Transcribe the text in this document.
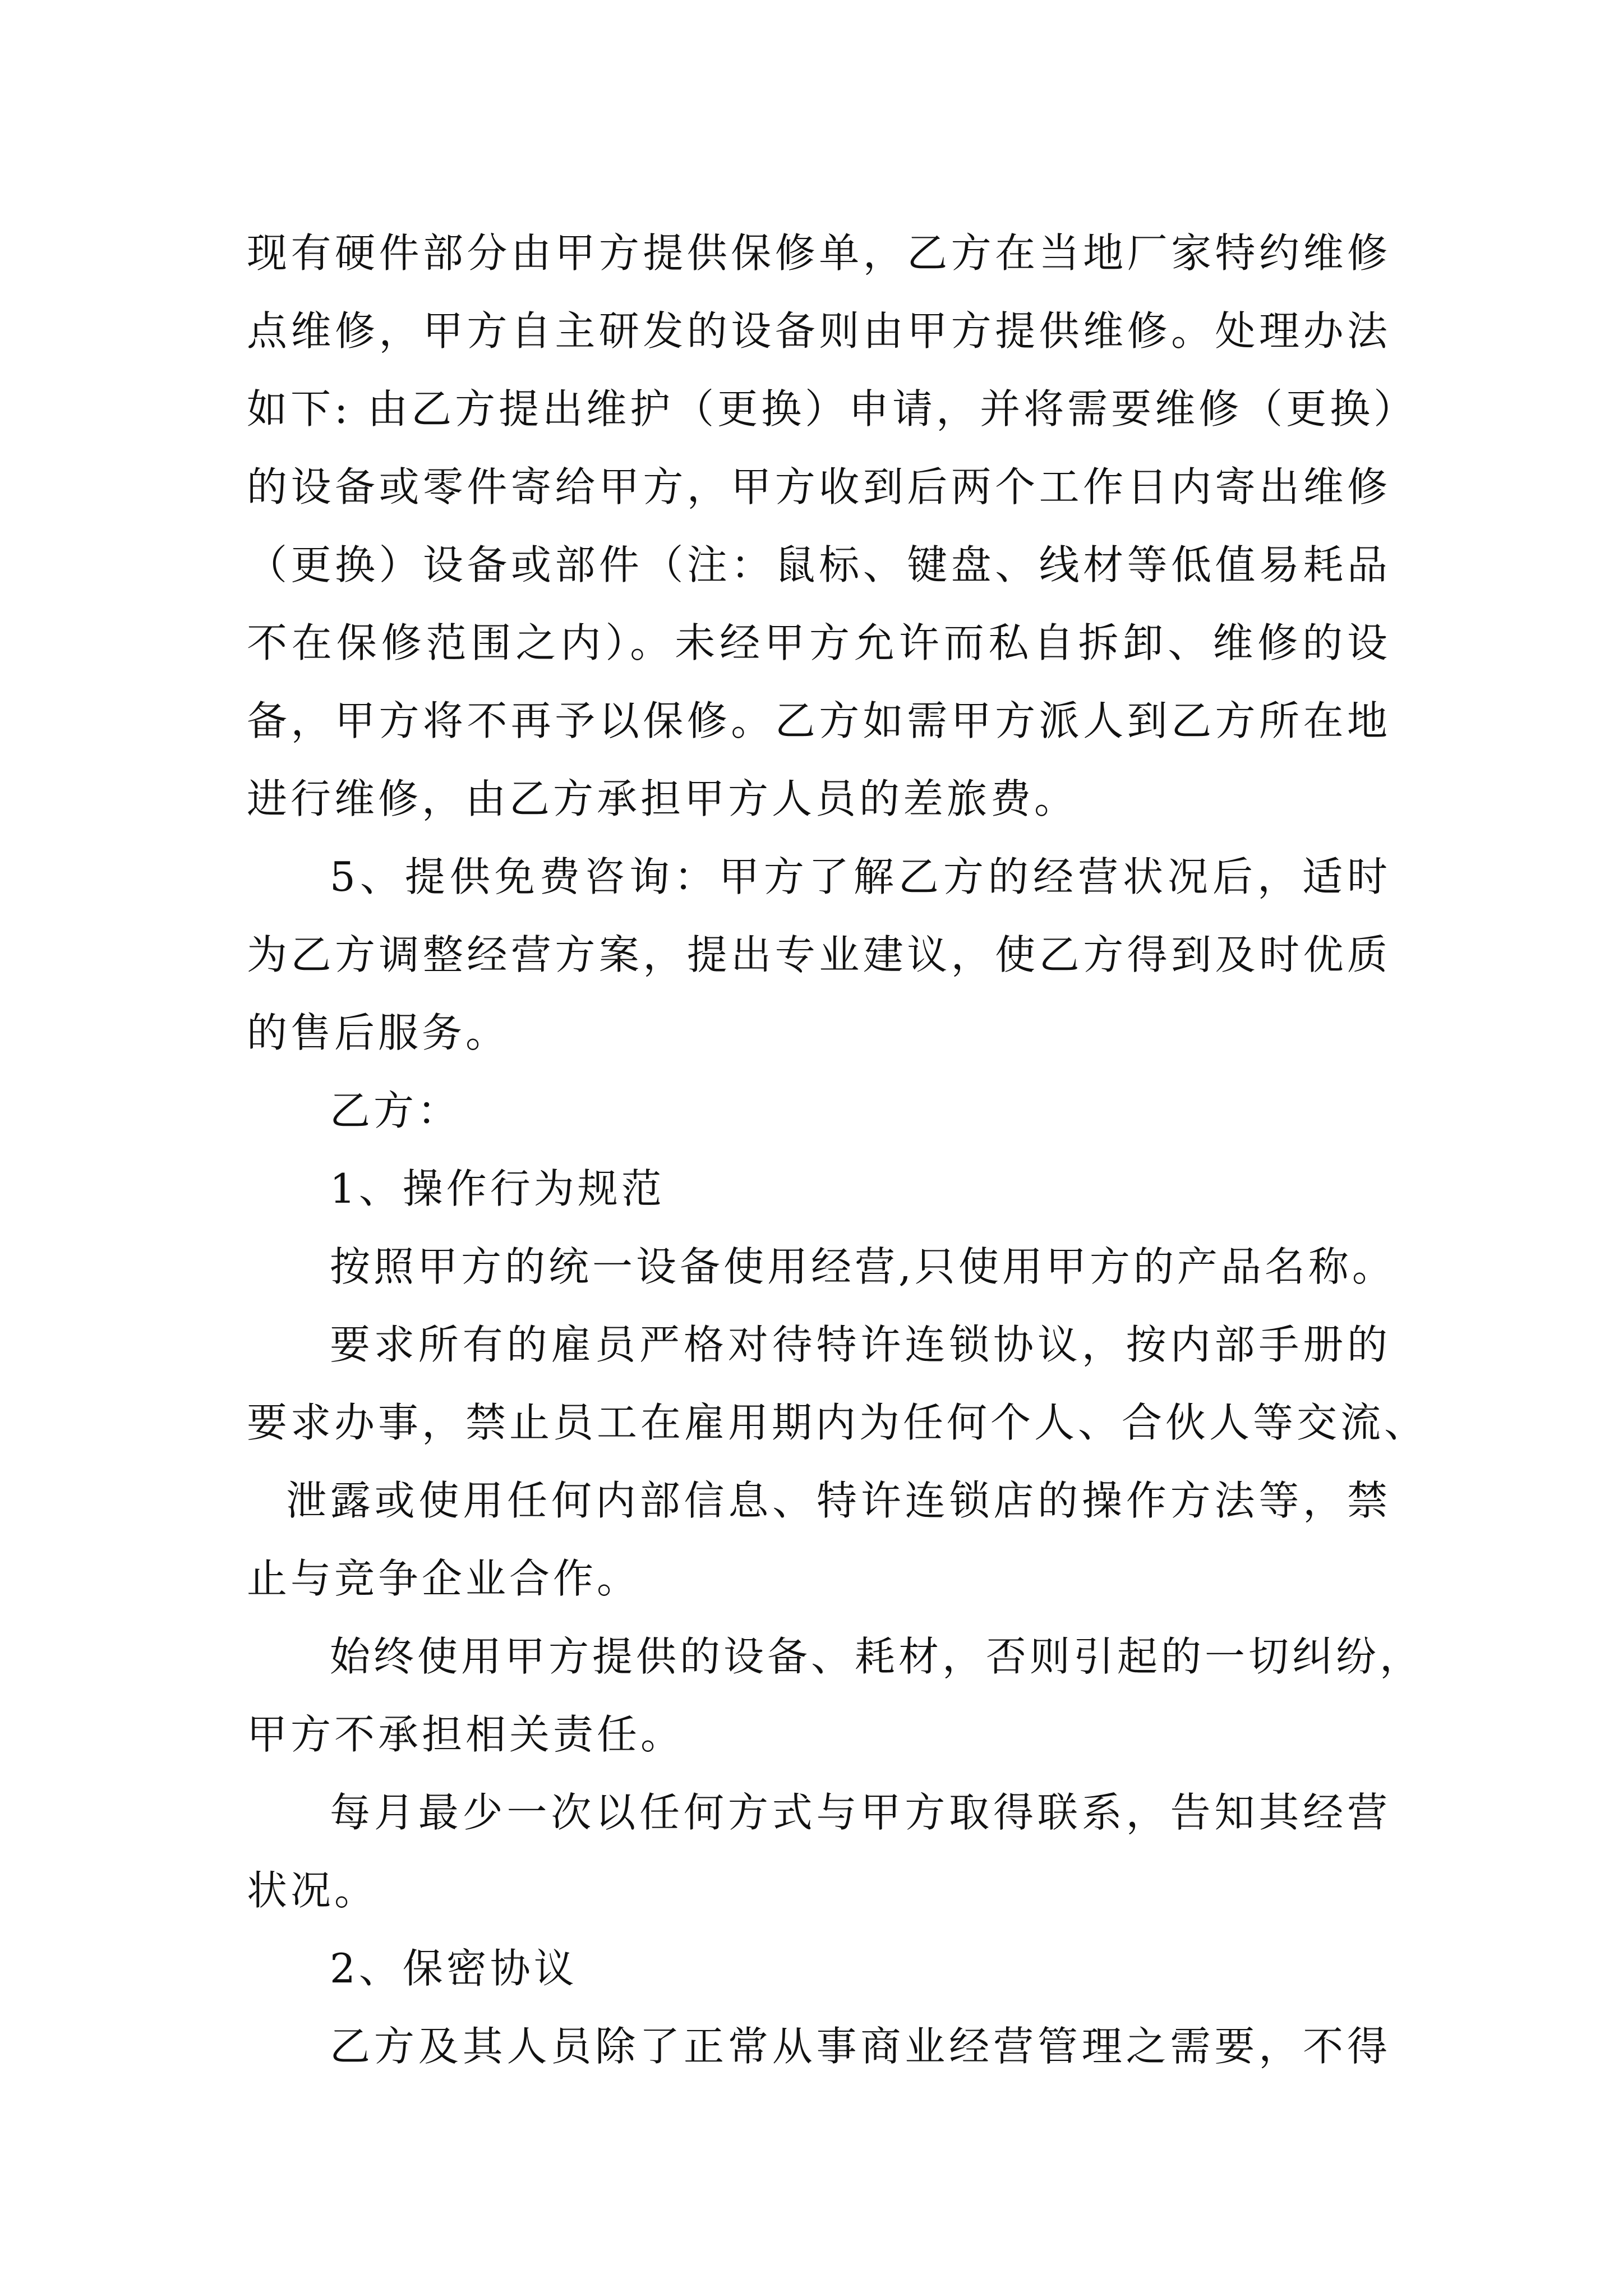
现有硬件部分由甲方提供保修单，乙方在当地厂家特约维修
点维修，甲方自主研发的设备则由甲方提供维修。处理办法
如下: 由乙方提出维护（更换）申请，并将需要维修（更换）
的设备或零件寄给甲方，甲方收到后两个工作日内寄出维修
（更换）设备或部件（注：鼠标、键盘、线材等低值易耗品
不在保修范围之内）。未经甲方允许而私自拆卸、维修的设
备，甲方将不再予以保修。乙方如需甲方派人到乙方所在地
进行维修，由乙方承担甲方人员的差旅费。
5、提供免费咨询：甲方了解乙方的经营状况后，适时
为乙方调整经营方案，提出专业建议，使乙方得到及时优质
的售后服务。
乙方：
1、操作行为规范
按照甲方的统一设备使用经营,只使用甲方的产品名称。
要求所有的雇员严格对待特许连锁协议，按内部手册的
要求办事，禁止员工在雇用期内为任何个人、合伙人等交流、
泄露或使用任何内部信息、特许连锁店的操作方法等，禁
止与竞争企业合作。
始终使用甲方提供的设备、耗材，否则引起的一切纠纷，
甲方不承担相关责任。
每月最少一次以任何方式与甲方取得联系，告知其经营
状况。
2、保密协议
乙方及其人员除了正常从事商业经营管理之需要，不得
